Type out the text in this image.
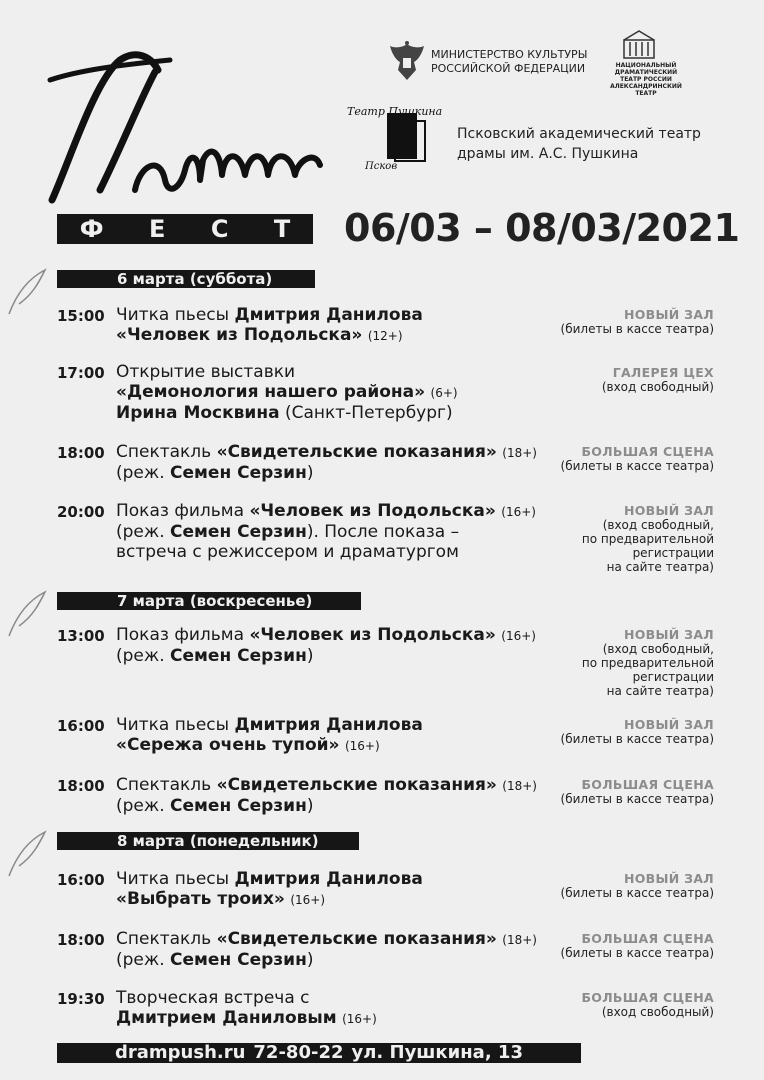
Ф Е С Т 06/03 – 08/03/2021
МИНИСТЕРСТВО КУЛЬТУРЫ
РОССИЙСКОЙ ФЕДЕРАЦИИ	НАЦИОНАЛЬНЫЙ
ДРАМАТИЧЕСКИЙ ТЕАТР РОССИИ
АЛЕКСАНДРИНСКИЙ ТЕАТР
Театр Пушкина
Псков
Псковский академический театр
драмы им. А.С. Пушкина
6 марта (суббота)
15:00 Читка пьесы Дмитрия Данилова
«Человек из Подольска» (12+)
НОВЫЙ ЗАЛ
(билеты в кассе театра)
17:00 Открытие выставки
«Демонология нашего района» (6+)
Ирина Москвина (Санкт-Петербург)
ГАЛЕРЕЯ ЦЕХ
(вход свободный)
18:00 Спектакль «Свидетельские показания» (18+)
(реж. Семен Серзин)
БОЛЬШАЯ СЦЕНА
(билеты в кассе театра)
20:00 Показ фильма «Человек из Подольска» (16+)
(реж. Семен Серзин). После показа –
встреча с режиссером и драматургом
НОВЫЙ ЗАЛ
(вход свободный,
по предварительной
регистрации
на сайте театра)
7 марта (воскресенье)
13:00 Показ фильма «Человек из Подольска» (16+)
(реж. Семен Серзин)
НОВЫЙ ЗАЛ
(вход свободный,
по предварительной
регистрации
на сайте театра)
16:00 Читка пьесы Дмитрия Данилова
«Сережа очень тупой» (16+)
НОВЫЙ ЗАЛ
(билеты в кассе театра)
18:00 Спектакль «Свидетельские показания» (18+)
(реж. Семен Серзин)
БОЛЬШАЯ СЦЕНА
(билеты в кассе театра)
8 марта (понедельник)
16:00 Читка пьесы Дмитрия Данилова
«Выбрать троих» (16+)
НОВЫЙ ЗАЛ
(билеты в кассе театра)
18:00 Спектакль «Свидетельские показания» (18+)
(реж. Семен Серзин)
БОЛЬШАЯ СЦЕНА
(билеты в кассе театра)
19:30 Творческая встреча с
Дмитрием Даниловым (16+)
БОЛЬШАЯ СЦЕНА
(вход свободный)
drampush.ru 72-80-22 ул. Пушкина, 13
